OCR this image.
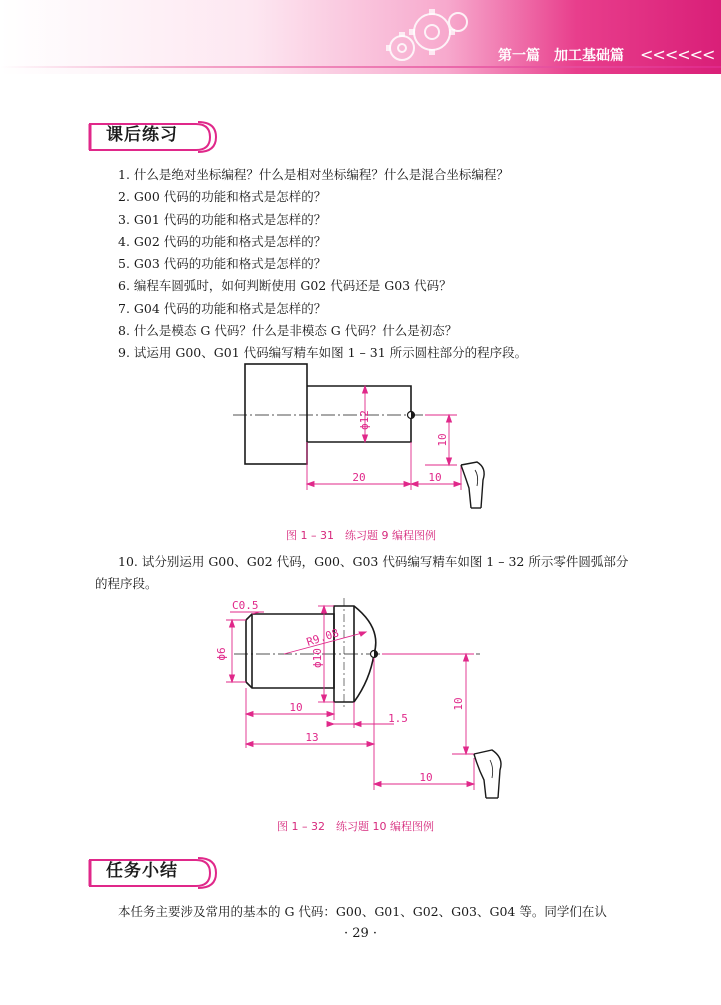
第一篇 加工基础篇 <<<<<<
课后练习
1. 什么是绝对坐标编程？什么是相对坐标编程？什么是混合坐标编程？
2. G00 代码的功能和格式是怎样的？
3. G01 代码的功能和格式是怎样的？
4. G02 代码的功能和格式是怎样的？
5. G03 代码的功能和格式是怎样的？
6. 编程车圆弧时，如何判断使用 G02 代码还是 G03 代码？
7. G04 代码的功能和格式是怎样的？
8. 什么是模态 G 代码？什么是非模态 G 代码？什么是初态？
9. 试运用 G00、G01 代码编写精车如图 1 – 31 所示圆柱部分的程序段。
ϕ12
20	10
10
图 1 – 31　练习题 9 编程图例

10. 试分别运用 G00、G02 代码，G00、G03 代码编写精车如图 1 – 32 所示零件圆弧部分的程序段。

C0.5
R9.08
ϕ6	ϕ10
10
1.5
13
10
10
图 1 – 32　练习题 10 编程图例
任务小结

本任务主要涉及常用的基本的 G 代码：G00、G01、G02、G03、G04 等。同学们在认

· 29 ·
